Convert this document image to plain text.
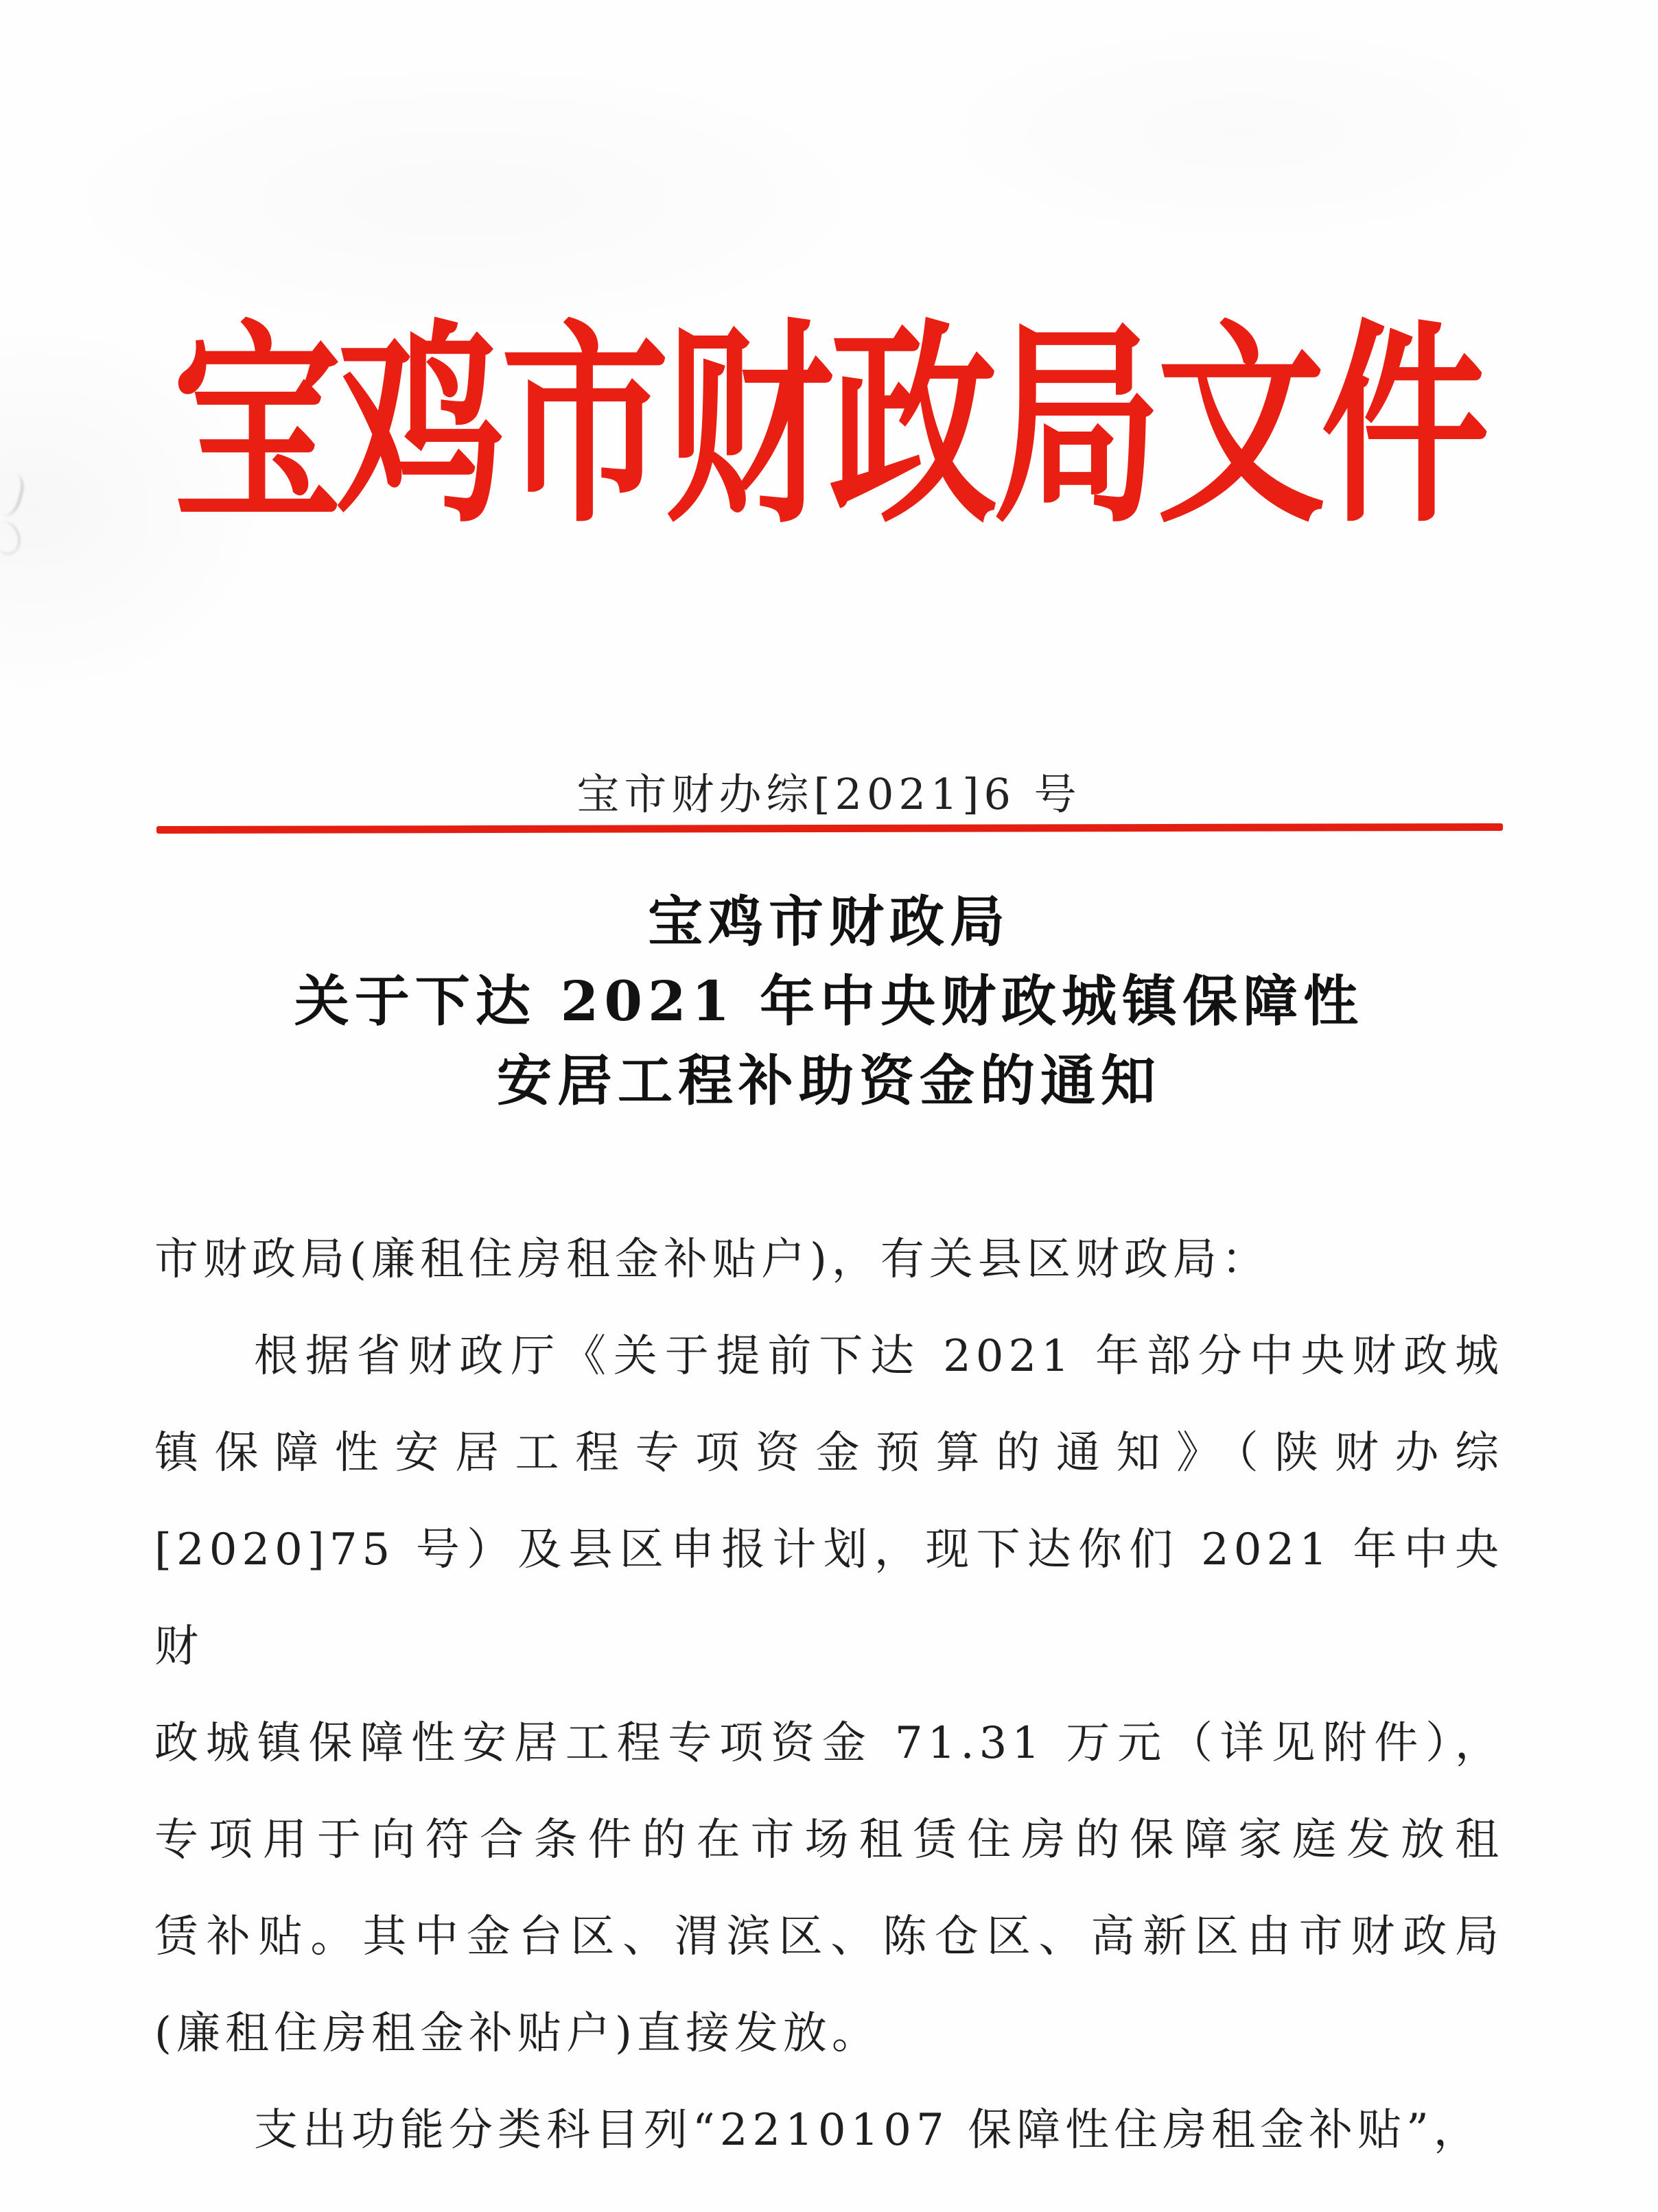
宝鸡市财政局文件
宝市财办综[2021]6 号
宝鸡市财政局
关于下达 2021 年中央财政城镇保障性
安居工程补助资金的通知
市财政局(廉租住房租金补贴户)，有关县区财政局：
根据省财政厅《关于提前下达 2021 年部分中央财政城
镇保障性安居工程专项资金预算的通知》（陕财办综
[2020]75 号）及县区申报计划，现下达你们 2021 年中央财
政城镇保障性安居工程专项资金 71.31 万元（详见附件），
专项用于向符合条件的在市场租赁住房的保障家庭发放租
赁补贴。其中金台区、渭滨区、陈仓区、高新区由市财政局
(廉租住房租金补贴户)直接发放。
支出功能分类科目列“2210107 保障性住房租金补贴”，
